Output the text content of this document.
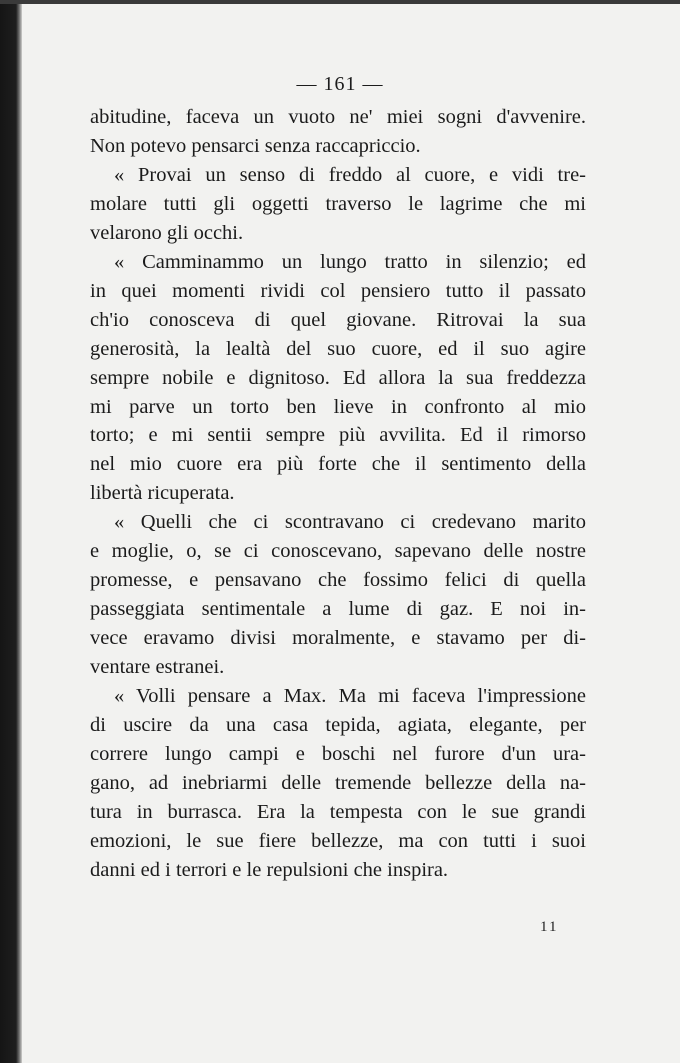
— 161 —
abitudine, faceva un vuoto ne' miei sogni d'avvenire.
Non potevo pensarci senza raccapriccio.
« Provai un senso di freddo al cuore, e vidi tre-
molare tutti gli oggetti traverso le lagrime che mi
velarono gli occhi.
« Camminammo un lungo tratto in silenzio; ed
in quei momenti rividi col pensiero tutto il passato
ch'io conosceva di quel giovane. Ritrovai la sua
generosità, la lealtà del suo cuore, ed il suo agire
sempre nobile e dignitoso. Ed allora la sua freddezza
mi parve un torto ben lieve in confronto al mio
torto; e mi sentii sempre più avvilita. Ed il rimorso
nel mio cuore era più forte che il sentimento della
libertà ricuperata.
« Quelli che ci scontravano ci credevano marito
e moglie, o, se ci conoscevano, sapevano delle nostre
promesse, e pensavano che fossimo felici di quella
passeggiata sentimentale a lume di gaz. E noi in-
vece eravamo divisi moralmente, e stavamo per di-
ventare estranei.
« Volli pensare a Max. Ma mi faceva l'impressione
di uscire da una casa tepida, agiata, elegante, per
correre lungo campi e boschi nel furore d'un ura-
gano, ad inebriarmi delle tremende bellezze della na-
tura in burrasca. Era la tempesta con le sue grandi
emozioni, le sue fiere bellezze, ma con tutti i suoi
danni ed i terrori e le repulsioni che inspira.
11
